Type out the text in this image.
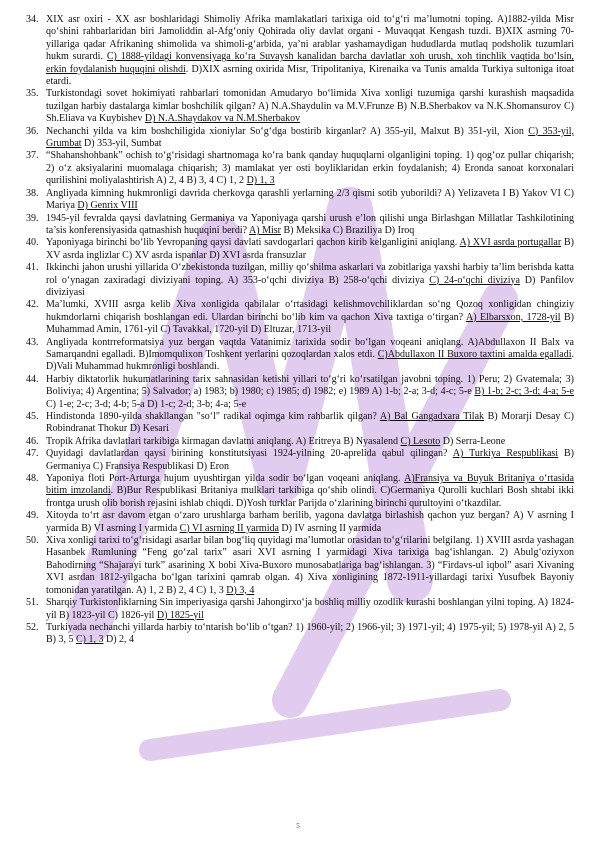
34. XIX asr oxiri - XX asr boshlaridagi Shimoliy Afrika mamlakatlari tarixiga oid to‘g‘ri ma’lumotni toping. A)1882-yilda Misr qo‘shini rahbarlaridan biri Jamoliddin al-Afg‘oniy Qohirada oliy davlat organi - Muvaqqat Kengash tuzdi. B)XIX asrning 70-yillariga qadar Afrikaning shimolida va shimoli-g‘arbida, ya’ni arablar yashamaydigan hududlarda mutlaq podsholik tuzumlari hukm surardi. C) 1888-yildagi konvensiyaga ko‘ra Suvaysh kanalidan barcha davlatlar xoh urush, xoh tinchlik vaqtida bo‘lsin, erkin foydalanish huquqini olishdi. D)XIX asrning oxirida Misr, Tripolitaniya, Kirenaika va Tunis amalda Turkiya sultoniga itoat etardi.
35. Turkistondagi sovet hokimiyati rahbarlari tomonidan Amudaryo bo‘limida Xiva xonligi tuzumiga qarshi kurashish maqsadida tuzilgan harbiy dastalarga kimlar boshchilik qilgan? A) N.A.Shaydulin va M.V.Frunze B) N.B.Sherbakov va N.K.Shomansurov C) Sh.Eliava va Kuybishev D) N.A.Shaydakov va N.M.Sherbakov
36. Nechanchi yilda va kim boshchiligida xioniylar So‘g‘dga bostirib kirganlar? A) 355-yil, Malxut B) 351-yil, Xion C) 353-yil, Grumbat D) 353-yil, Sumbat
37. “Shahanshohbank” ochish to‘g‘risidagi shartnomaga ko‘ra bank qanday huquqlarni olganligini toping. 1) qog‘oz pullar chiqarish; 2) o‘z aksiyalarini muomalaga chiqarish; 3) mamlakat yer osti boyliklaridan erkin foydalanish; 4) Eronda sanoat korxonalari qurilishini moliyalashtirish A) 2, 4 B) 3, 4 C) 1, 2 D) 1, 3
38. Angliyada kimning hukmronligi davrida cherkovga qarashli yerlarning 2/3 qismi sotib yuborildi? A) Yelizaveta I B) Yakov VI C) Mariya D) Genrix VIII
39. 1945-yil fevralda qaysi davlatning Germaniya va Yaponiyaga qarshi urush e’lon qilishi unga Birlashgan Millatlar Tashkilotining ta’sis konferensiyasida qatnashish huquqini berdi? A) Misr B) Meksika C) Braziliya D) Iroq
40. Yaponiyaga birinchi bo‘lib Yevropaning qaysi davlati savdogarlari qachon kirib kelganligini aniqlang. A) XVI asrda portugallar B) XV asrda inglizlar C) XV asrda ispanlar D) XVI asrda fransuzlar
41. Ikkinchi jahon urushi yillarida O‘zbekistonda tuzilgan, milliy qo‘shilma askarlari va zobitlariga yaxshi harbiy ta’lim berishda katta rol o‘ynagan zaxiradagi diviziyani toping. A) 353-o‘qchi diviziya B) 258-o‘qchi diviziya C) 24-o‘qchi diviziya D) Panfilov diviziyasi
42. Ma’lumki, XVIII asrga kelib Xiva xonligida qabilalar o‘rtasidagi kelishmovchiliklardan so‘ng Qozoq xonligidan chingiziy hukmdorlarni chiqarish boshlangan edi. Ulardan birinchi bo‘lib kim va qachon Xiva taxtiga o‘tirgan? A) Elbarsxon, 1728-yil B) Muhammad Amin, 1761-yil C) Tavakkal, 1720-yil D) Eltuzar, 1713-yil
43. Angliyada kontrreformatsiya yuz bergan vaqtda Vatanimiz tarixida sodir bo‘lgan voqeani aniqlang. A)Abdullaxon II Balx va Samarqandni egalladi. B)Imomqulixon Toshkent yerlarini qozoqlardan xalos etdi. C)Abdullaxon II Buxoro taxtini amalda egalladi. D)Vali Muhammad hukmronligi boshlandi.
44. Harbiy diktatorlik hukumatlarining tarix sahnasidan ketishi yillari to‘g‘ri ko‘rsatilgan javobni toping. 1) Peru; 2) Gvatemala; 3) Boliviya; 4) Argentina; 5) Salvador; a) 1983; b) 1980; c) 1985; d) 1982; e) 1989 A) 1-b; 2-a; 3-d; 4-c; 5-e B) 1-b; 2-c; 3-d; 4-a; 5-e C) 1-e; 2-c; 3-d; 4-b; 5-a D) 1-c; 2-d; 3-b; 4-a; 5-e
45. Hindistonda 1890-yilda shakllangan "so‘l" radikal oqimga kim rahbarlik qilgan? A) Bal Gangadxara Tilak B) Morarji Desay C) Robindranat Thokur D) Kesari
46. Tropik Afrika davlatlari tarkibiga kirmagan davlatni aniqlang. A) Eritreya B) Nyasalend C) Lesoto D) Serra-Leone
47. Quyidagi davlatlardan qaysi birining konstitutsiyasi 1924-yilning 20-aprelida qabul qilingan? A) Turkiya Respublikasi B) Germaniya C) Fransiya Respublikasi D) Eron
48. Yaponiya floti Port-Arturga hujum uyushtirgan yilda sodir bo‘lgan voqeani aniqlang. A)Fransiya va Buyuk Britaniya o‘rtasida bitim imzolandi. B)Bur Respublikasi Britaniya mulklari tarkibiga qo‘shib olindi. C)Germaniya Qurolli kuchlari Bosh shtabi ikki frontga urush olib borish rejasini ishlab chiqdi. D)Yosh turklar Parijda o‘zlarining birinchi qurultoyini o‘tkazdilar.
49. Xitoyda to‘rt asr davom etgan o‘zaro urushlarga barham berilib, yagona davlatga birlashish qachon yuz bergan? A) V asrning I yarmida B) VI asrning I yarmida C) VI asrning II yarmida D) IV asrning II yarmida
50. Xiva xonligi tarixi to‘g‘risidagi asarlar bilan bog‘liq quyidagi ma’lumotlar orasidan to‘g‘rilarini belgilang. 1) XVIII asrda yashagan Hasanbek Rumluning “Feng go‘zal tarix” asari XVI asrning I yarmidagi Xiva tarixiga bag‘ishlangan. 2) Abulg‘oziyxon Bahodirning “Shajarayi turk” asarining X bobi Xiva-Buxoro munosabatlariga bag‘ishlangan. 3) “Firdavs-ul iqbol” asari Xivaning XVI asrdan 1812-yilgacha bo‘lgan tarixini qamrab olgan. 4) Xiva xonligining 1872-1911-yillardagi tarixi Yusufbek Bayoniy tomonidan yaratilgan. A) 1, 2 B) 2, 4 C) 1, 3 D) 3, 4
51. Sharqiy Turkistonliklarning Sin imperiyasiga qarshi Jahongirxo‘ja boshliq milliy ozodlik kurashi boshlangan yilni toping. A) 1824-yil B) 1823-yil C) 1826-yil D) 1825-yil
52. Turkiyada nechanchi yillarda harbiy to‘ntarish bo‘lib o‘tgan? 1) 1960-yil; 2) 1966-yil; 3) 1971-yil; 4) 1975-yil; 5) 1978-yil A) 2, 5 B) 3, 5 C) 1, 3 D) 2, 4
5
